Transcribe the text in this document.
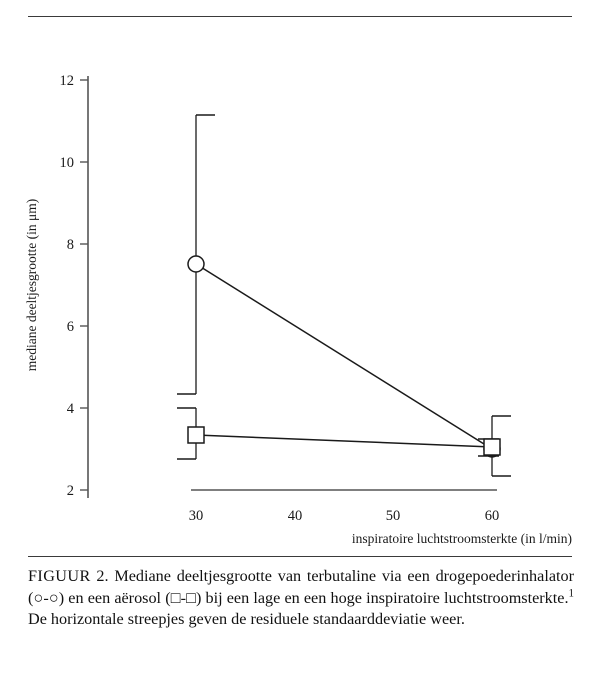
12
10
8
6
4
2
30	40	50	60
inspiratoire luchtstroomsterkte (in l/min)
mediane deeltjesgrootte (in μm)
FIGUUR 2. Mediane deeltjesgrootte van terbutaline via een drogepoederinhalator (○-○) en een aërosol (□-□) bij een lage en een hoge inspiratoire luchtstroomsterkte.$^1$ De horizontale streepjes geven de residuele standaarddeviatie weer.
